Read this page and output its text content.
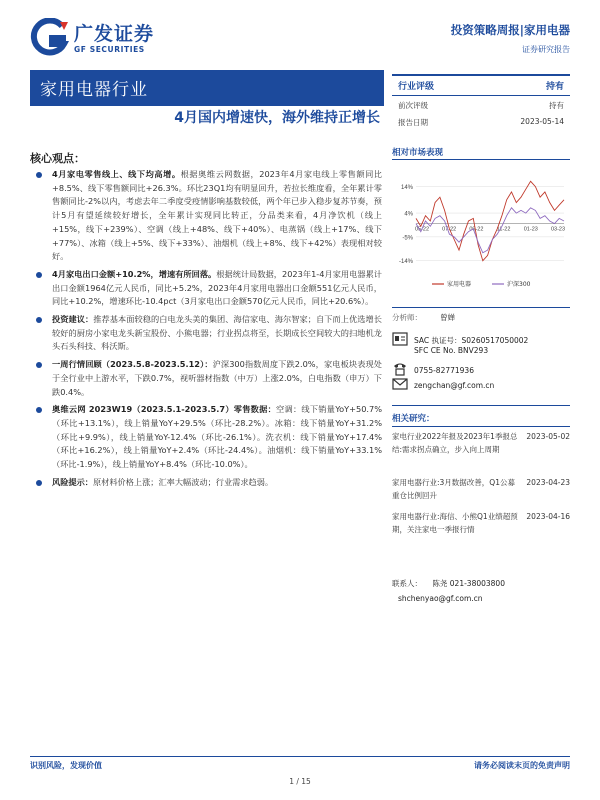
广发证券
GF SECURITIES
投资策略周报|家用电器
证券研究报告
家用电器行业
4月国内增速快，海外维持正增长
行业评级	持有
前次评级	持有
报告日期	2023-05-14
相对市场表现
14%
4%
-5%
-14%
05-22 07-22 09-22 11-22 01-23 03-23
家用电器	沪深300
分析师： 曾婵
SAC 执证号：S0260517050002
SFC CE No. BNV293
0755-82771936
zengchan@gf.com.cn
相关研究：
家电行业2022年报及2023年1季报总结:需求拐点确立，步入向上周期
2023-05-02
家用电器行业:3月数据改善，Q1公募重仓比例回升
2023-04-23
家用电器行业:海信、小熊Q1业绩超预期，关注家电一季报行情
2023-04-16
联系人： 陈尧 021-38003800
shchenyao@gf.com.cn
核心观点：
4月家电零售线上、线下均高增。根据奥维云网数据，2023年4月家电线上零售额同比+8.5%、线下零售额同比+26.3%。环比23Q1均有明显回升，若拉长维度看，全年累计零售额同比-2%以内，考虑去年二季度受疫情影响基数较低，两个年已步入稳步复苏节奏，预计5月有望延续较好增长，全年累计实现同比转正，分品类来看，4月净饮机（线上+15%，线下+239%）、空调（线上+48%、线下+40%）、电蒸锅（线上+17%、线下+77%）、冰箱（线上+5%、线下+33%）、油烟机（线上+8%、线下+42%）表现相对较好。
4月家电出口金额+10.2%，增速有所回落。根据统计局数据，2023年1-4月家用电器累计出口金额1964亿元人民币，同比+5.2%，2023年4月家用电器出口金额551亿元人民币，同比+10.2%，增速环比-10.4pct（3月家电出口金额570亿元人民币，同比+20.6%）。
投资建议：推荐基本面较稳的白电龙头美的集团、海信家电、海尔智家；自下而上优选增长较好的厨房小家电龙头新宝股份、小熊电器；行业拐点将至，长期成长空间较大的扫地机龙头石头科技、科沃斯。
一周行情回顾（2023.5.8-2023.5.12）：沪深300指数周度下跌2.0%，家电板块表现处于全行业中上游水平，下跌0.7%，视听器材指数（中万）上涨2.0%，白电指数（申万）下跌0.4%。
奥维云网 2023W19（2023.5.1-2023.5.7）零售数据：空调：线下销量YoY+50.7%（环比+13.1%），线上销量YoY+29.5%（环比-28.2%）。冰箱：线下销量YoY+31.2%（环比+9.9%），线上销量YoY-12.4%（环比-26.1%）。洗衣机：线下销量YoY+17.4%（环比+16.2%），线上销量YoY+2.4%（环比-24.4%）。油烟机：线下销量YoY+33.1%（环比-1.9%），线上销量YoY+8.4%（环比-10.0%）。
风险提示：原材料价格上涨；汇率大幅波动；行业需求趋弱。
识别风险，发现价值	请务必阅读末页的免责声明
1 / 15
